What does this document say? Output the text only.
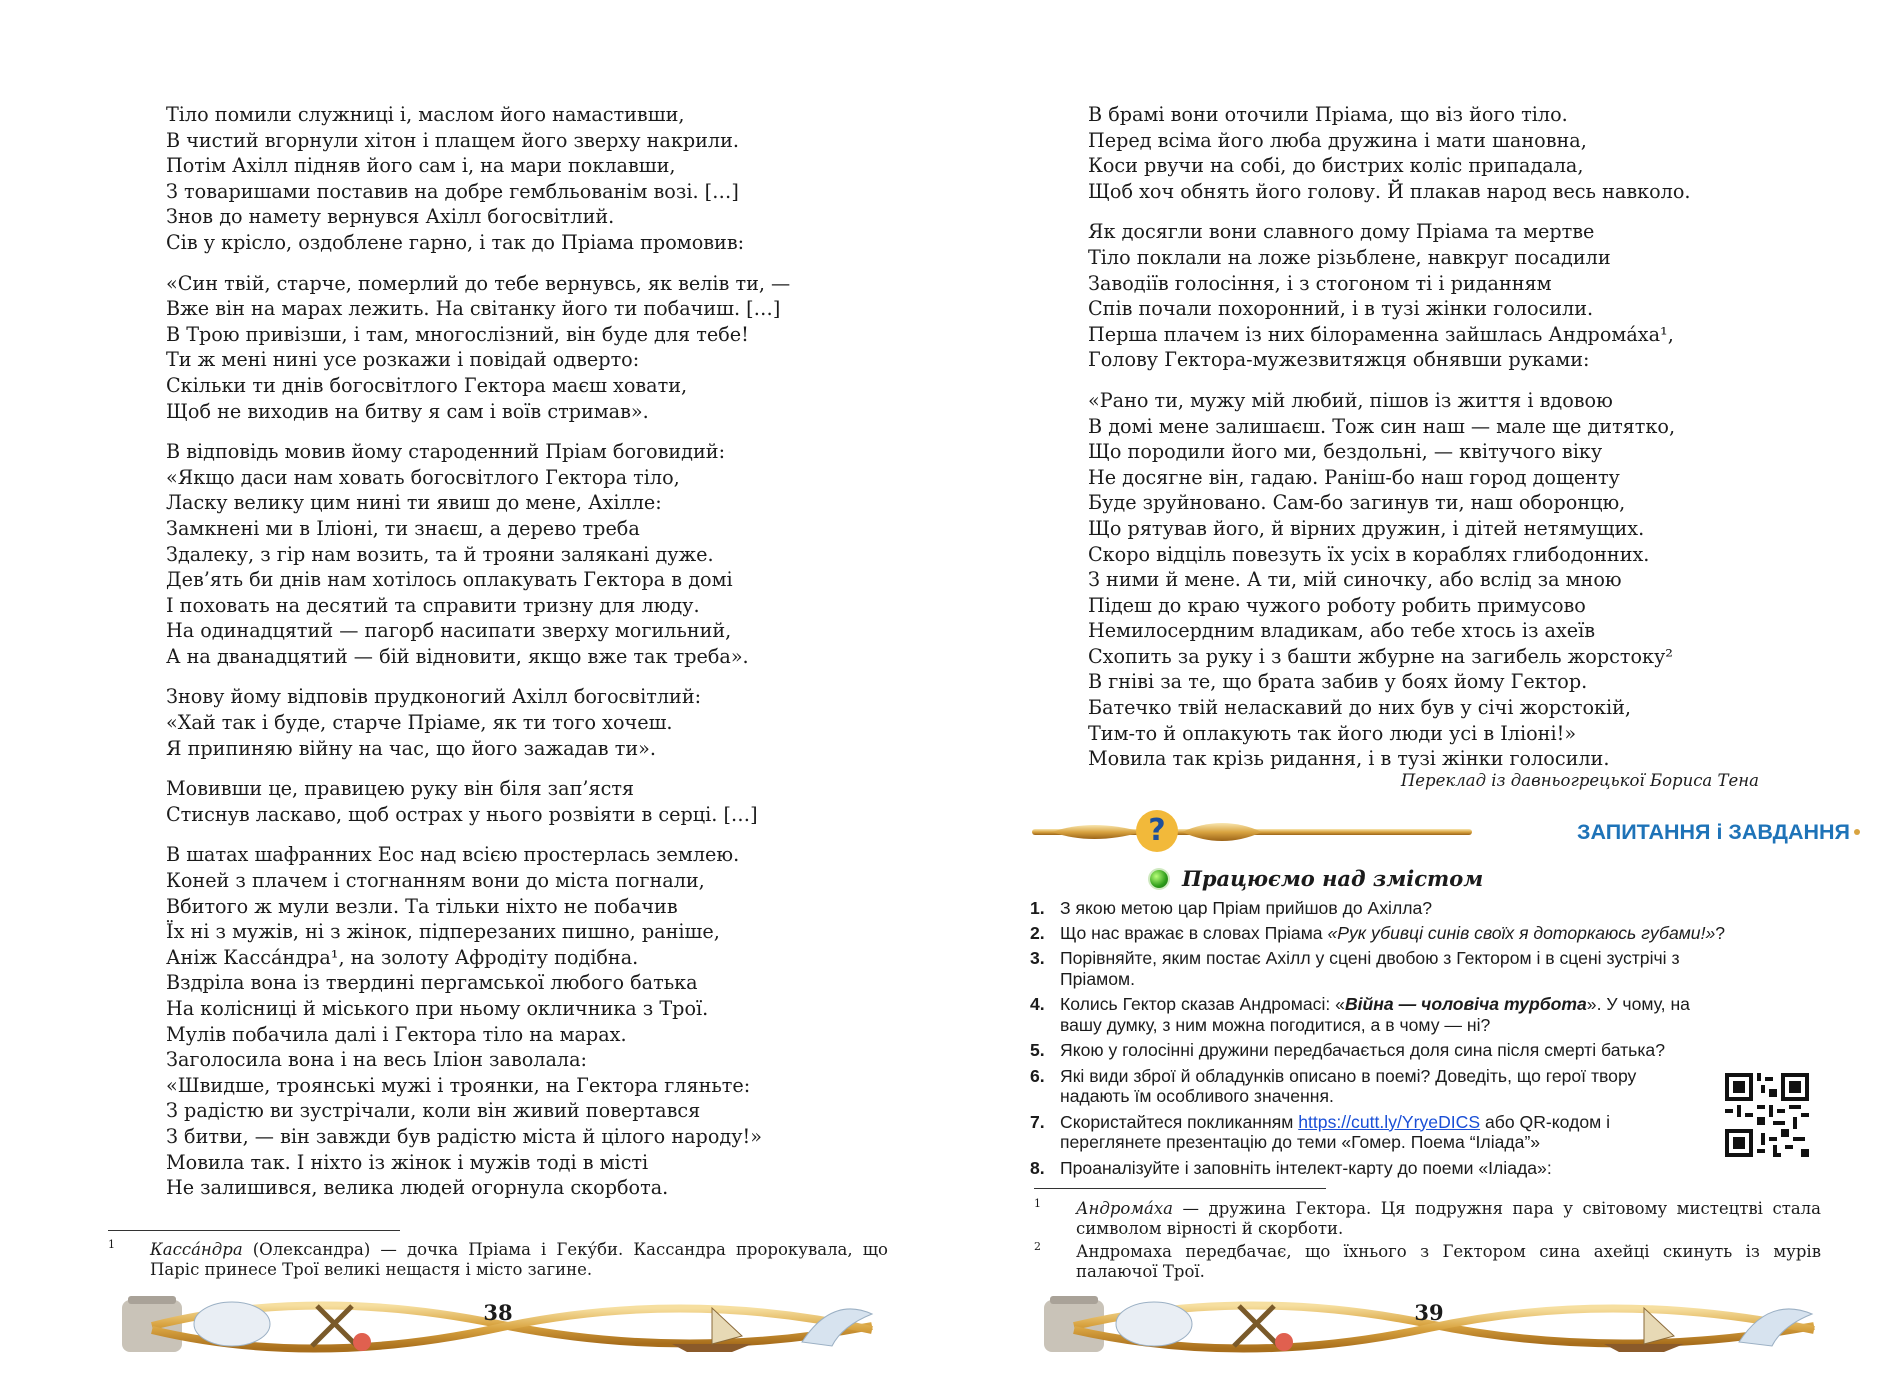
Тіло помили служниці і, маслом його намастивши,
В чистий вгорнули хітон і плащем його зверху накрили.
Потім Ахілл підняв його сам і, на мари поклавши,
З товаришами поставив на добре гембльованім возі. […]
Знов до намету вернувся Ахілл богосвітлий.
Сів у крісло, оздоблене гарно, і так до Пріама промовив:
«Син твій, старче, померлий до тебе вернувсь, як велів ти, —
Вже він на марах лежить. На світанку його ти побачиш. […]
В Трою привізши, і там, многослізний, він буде для тебе!
Ти ж мені нині усе розкажи і повідай одверто:
Скільки ти днів богосвітлого Гектора маєш ховати,
Щоб не виходив на битву я сам і воїв стримав».
В відповідь мовив йому староденний Пріам боговидий:
«Якщо даси нам ховать богосвітлого Гектора тіло,
Ласку велику цим нині ти явиш до мене, Ахілле:
Замкнені ми в Іліоні, ти знаєш, а дерево треба
Здалеку, з гір нам возить, та й трояни залякані дуже.
Дев’ять би днів нам хотілось оплакувать Гектора в домі
І поховать на десятий та справити тризну для люду.
На одинадцятий — пагорб насипати зверху могильний,
А на дванадцятий — бій відновити, якщо вже так треба».
Знову йому відповів прудконогий Ахілл богосвітлий:
«Хай так і буде, старче Пріаме, як ти того хочеш.
Я припиняю війну на час, що його зажадав ти».
Мовивши це, правицею руку він біля зап’ястя
Стиснув ласкаво, щоб острах у нього розвіяти в серці. […]
В шатах шафранних Еос над всією простерлась землею.
Коней з плачем і стогнанням вони до міста погнали,
Вбитого ж мули везли. Та тільки ніхто не побачив
Їх ні з мужів, ні з жінок, підперезаних пишно, раніше,
Аніж Касса́ндра¹, на золоту Афродіту подібна.
Вздріла вона із твердині пергамської любого батька
На колісниці й міського при ньому окличника з Трої.
Мулів побачила далі і Гектора тіло на марах.
Заголосила вона і на весь Іліон заволала:
«Швидше, троянські мужі і троянки, на Гектора гляньте:
З радістю ви зустрічали, коли він живий повертався
З битви, — він завжди був радістю міста й цілого народу!»
Мовила так. І ніхто із жінок і мужів тоді в місті
Не залишився, велика людей огорнула скорбота.
1 Касса́ндра (Олександра) — дочка Пріама і Геку́би. Кассандра пророкувала, що Паріс принесе Трої великі нещастя і місто загине.
38
В брамі вони оточили Пріама, що віз його тіло.
Перед всіма його люба дружина і мати шановна,
Коси рвучи на собі, до бистрих коліс припадала,
Щоб хоч обнять його голову. Й плакав народ весь навколо.
Як досягли вони славного дому Пріама та мертве
Тіло поклали на ложе різьблене, навкруг посадили
Заводіїв голосіння, і з стогоном ті і риданням
Спів почали похоронний, і в тузі жінки голосили.
Перша плачем із них білораменна зайшлась Андрома́ха¹,
Голову Гектора-мужезвитяжця обнявши руками:
«Рано ти, мужу мій любий, пішов із життя і вдовою
В домі мене залишаєш. Тож син наш — мале ще дитятко,
Що породили його ми, бездольні, — квітучого віку
Не досягне він, гадаю. Раніш-бо наш город дощенту
Буде зруйновано. Сам-бо загинув ти, наш оборонцю,
Що рятував його, й вірних дружин, і дітей нетямущих.
Скоро відціль повезуть їх усіх в кораблях глибодонних.
З ними й мене. А ти, мій синочку, або вслід за мною
Підеш до краю чужого роботу робить примусово
Немилосердним владикам, або тебе хтось із ахеїв
Схопить за руку і з башти жбурне на загибель жорстоку²
В гніві за те, що брата забив у боях йому Гектор.
Батечко твій неласкавий до них був у січі жорстокій,
Тим-то й оплакують так його люди усі в Іліоні!»
Мовила так крізь ридання, і в тузі жінки голосили.
Переклад із давньогрецької Бориса Тена
?	ЗАПИТАННЯ і ЗАВДАННЯ
Працюємо над змістом
1. З якою метою цар Пріам прийшов до Ахілла?
2. Що нас вражає в словах Пріама «Рук убивці синів своїх я доторкаюсь губами!»?
3. Порівняйте, яким постає Ахілл у сцені двобою з Гектором і в сцені зустрічі з Пріамом.
4. Колись Гектор сказав Андромасі: «Війна — чоловіча турбота». У чому, на вашу думку, з ним можна погодитися, а в чому — ні?
5. Якою у голосінні дружини передбачається доля сина після смерті батька?
6. Які види зброї й обладунків описано в поемі? Доведіть, що герої твору надають їм особливого значення.
7. Скористайтеся покликанням https://cutt.ly/YryeDICS або QR-кодом і переглянете презентацію до теми «Гомер. Поема “Іліада”»
8. Проаналізуйте і заповніть інтелект-карту до поеми «Іліада»:
1 Андрома́ха — дружина Гектора. Ця подружня пара у світовому мистецтві стала символом вірності й скорботи.
2 Андромаха передбачає, що їхнього з Гектором сина ахейці скинуть із мурів палаючої Трої.
39
